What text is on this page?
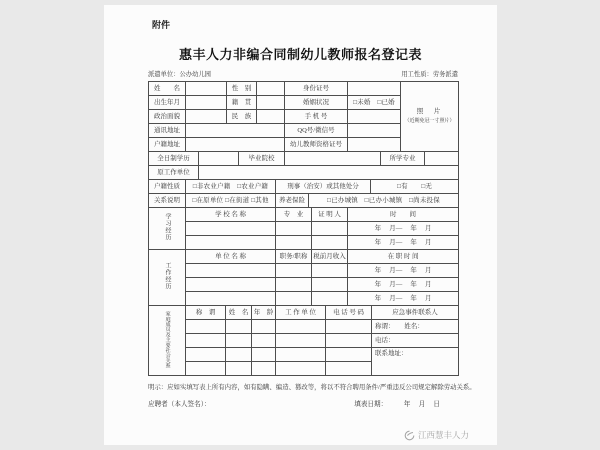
附件
惠丰人力非编合同制幼儿教师报名登记表
派遣单位：公办幼儿园	用工性质：劳务派遣
姓　　名		性　别		身份证号		照　片
（近期免冠一寸照片）

出生年月		籍　贯		婚姻状况	□未婚　□已婚	
政治面貌		民　族		手 机 号		
通讯地址				QQ号/微信号		
户籍地址				幼儿教师资格证号		
全日制学历		毕业院校		所学专业	
原工作单位	
户籍性质	□非农业户籍　□农业户籍	刑事（治安）或其他处分	□有　　□无
关系说明	□在原单位 □在街道 □其他	养老保险	□已办城镇　□已办小城镇　□尚未投保
学习经历	学 校 名 称	专　业	证 明 人	时　　间
				年　 月—　 年　 月
				年　 月—　 年　 月
工作经历	单 位 名 称	职务/职称	税前月收入	在 职 时 间
				年　 月—　 年　 月
				年　 月—　 年　 月
				年　 月—　 年　 月
家庭成员及主要社会关系	称　谓	姓　名	年　龄	工 作 单 位	电 话 号 码	应急事件联系人
						称谓：　　姓名：
						电话：
						联系地址：

明示：应如实填写表上所有内容，如有隐瞒、编造、篡改等，将以不符合聘用条件/严重违反公司规定解除劳动关系。
应聘者（本人签名）：	填表日期：　　　年　 月　 日
江西慧丰人力
